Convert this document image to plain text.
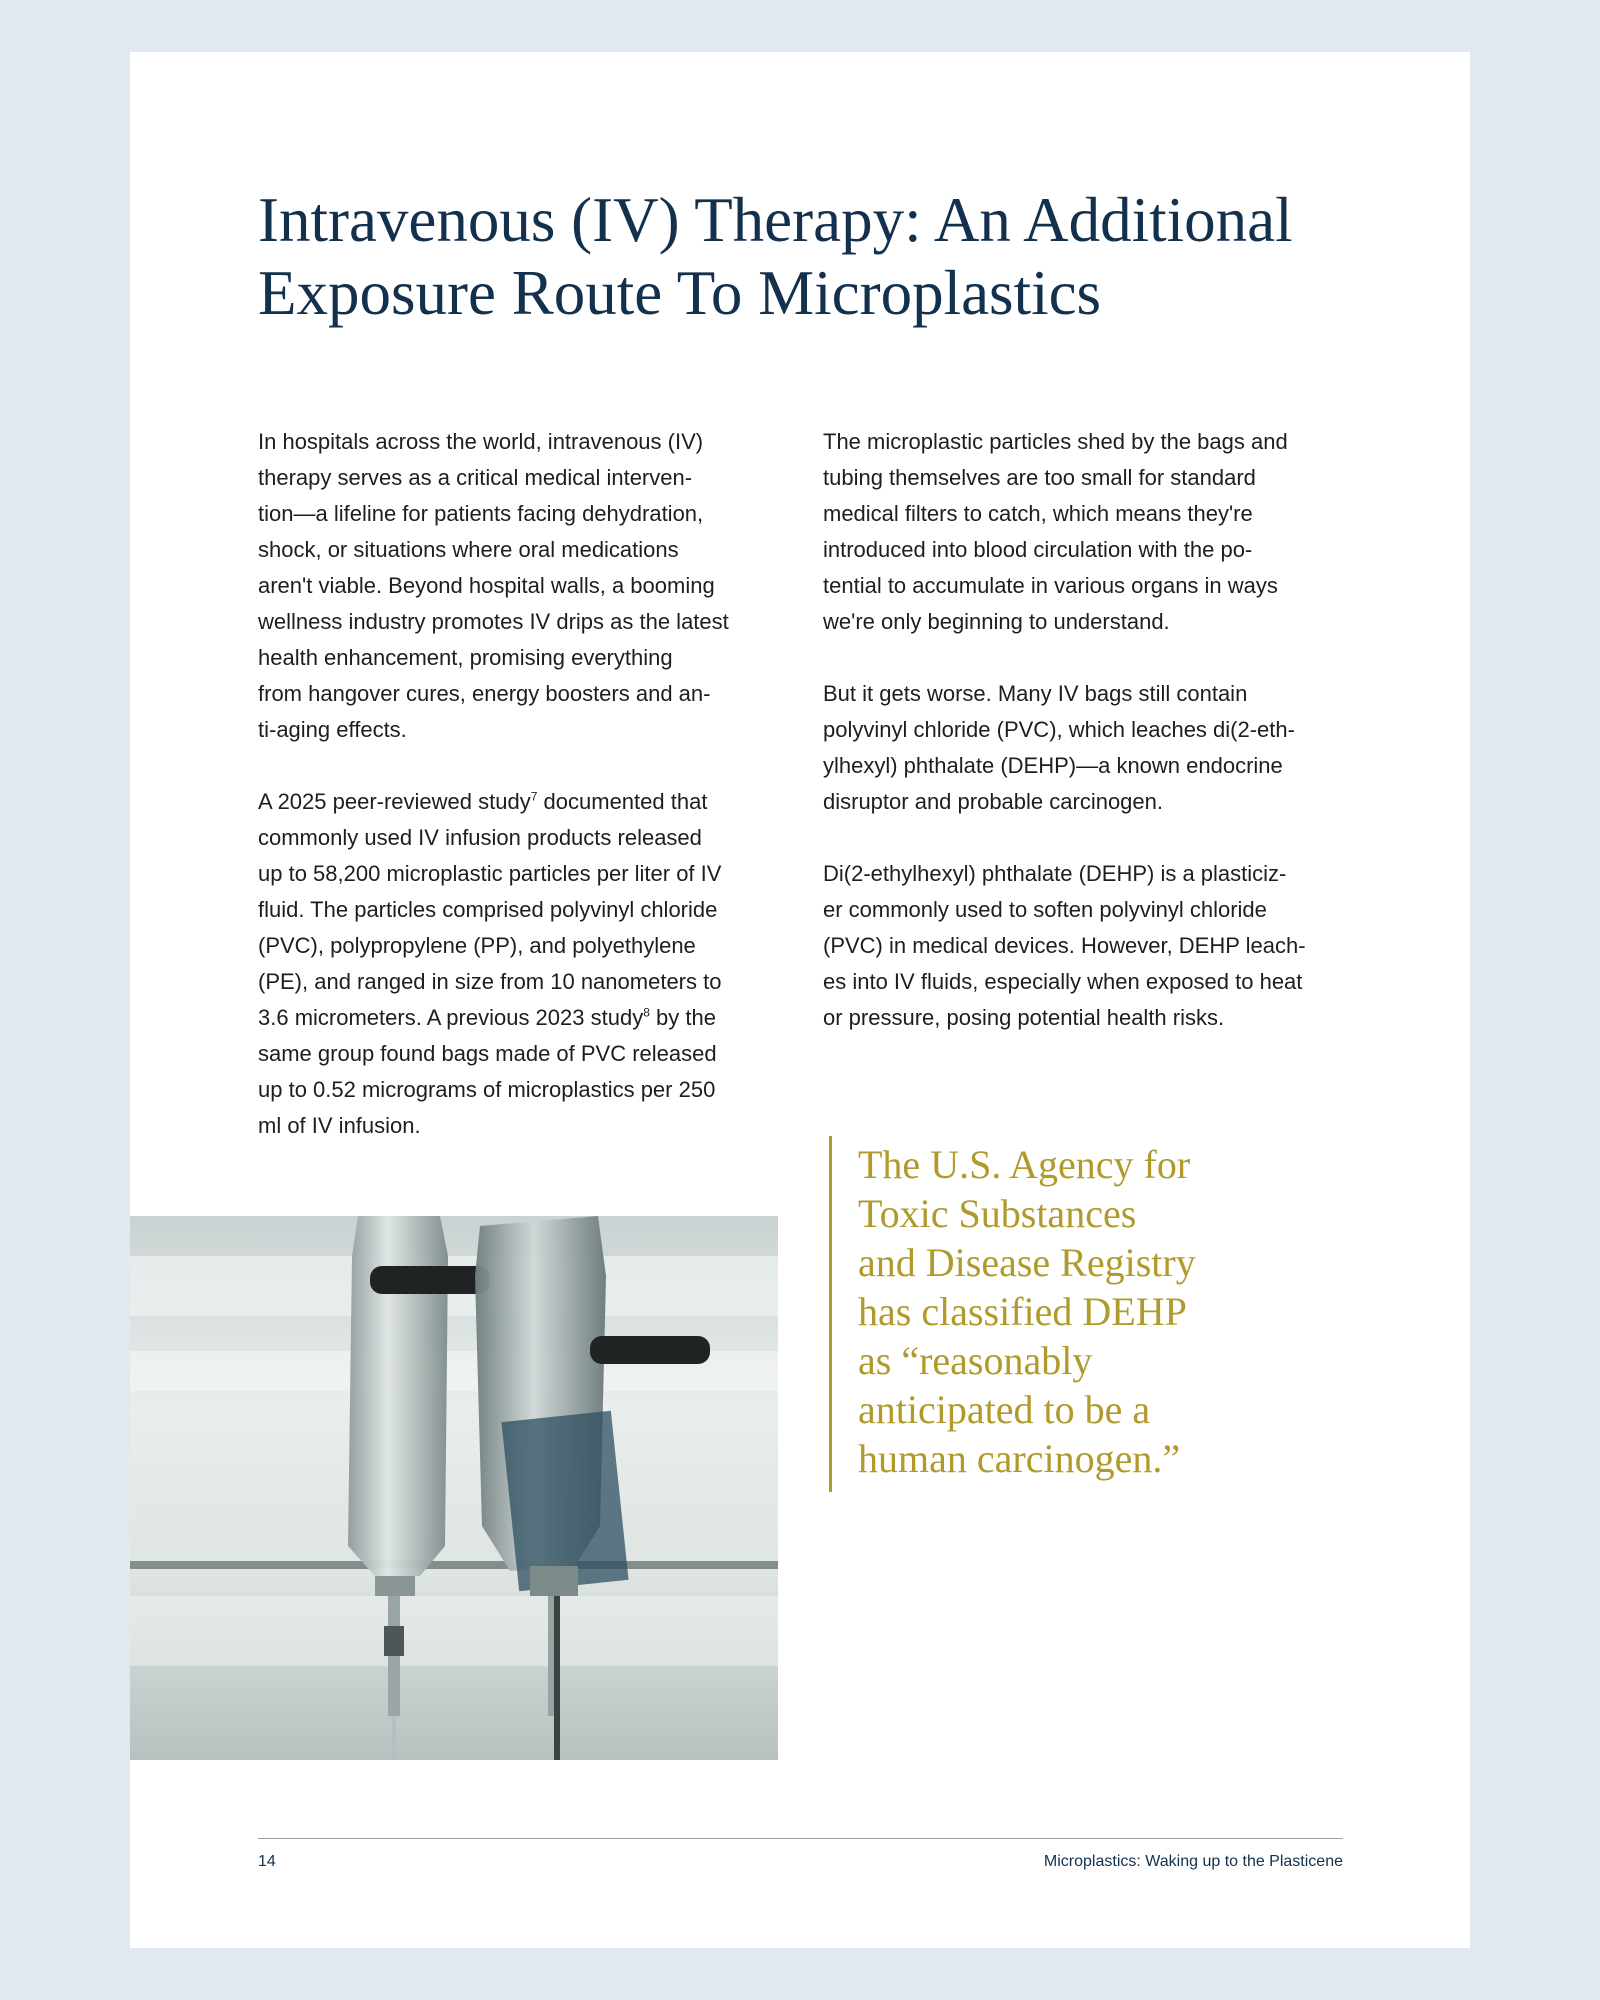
Intravenous (IV) Therapy: An Additional
Exposure Route To Microplastics

In hospitals across the world, intravenous (IV)
therapy serves as a critical medical interven-
tion—a lifeline for patients facing dehydration,
shock, or situations where oral medications
aren't viable. Beyond hospital walls, a booming
wellness industry promotes IV drips as the latest
health enhancement, promising everything
from hangover cures, energy boosters and an-
ti-aging effects.

A 2025 peer-reviewed study$^7$ documented that
commonly used IV infusion products released
up to 58,200 microplastic particles per liter of IV
fluid. The particles comprised polyvinyl chloride
(PVC), polypropylene (PP), and polyethylene
(PE), and ranged in size from 10 nanometers to
3.6 micrometers. A previous 2023 study$^8$ by the
same group found bags made of PVC released
up to 0.52 micrograms of microplastics per 250
ml of IV infusion.

The microplastic particles shed by the bags and
tubing themselves are too small for standard
medical filters to catch, which means they're
introduced into blood circulation with the po-
tential to accumulate in various organs in ways
we're only beginning to understand.

But it gets worse. Many IV bags still contain
polyvinyl chloride (PVC), which leaches di(2-eth-
ylhexyl) phthalate (DEHP)—a known endocrine
disruptor and probable carcinogen.

Di(2-ethylhexyl) phthalate (DEHP) is a plasticiz-
er commonly used to soften polyvinyl chloride
(PVC) in medical devices. However, DEHP leach-
es into IV fluids, especially when exposed to heat
or pressure, posing potential health risks.

The U.S. Agency for
Toxic Substances
and Disease Registry
has classified DEHP
as “reasonably
anticipated to be a
human carcinogen.”
14	Microplastics: Waking up to the Plasticene
